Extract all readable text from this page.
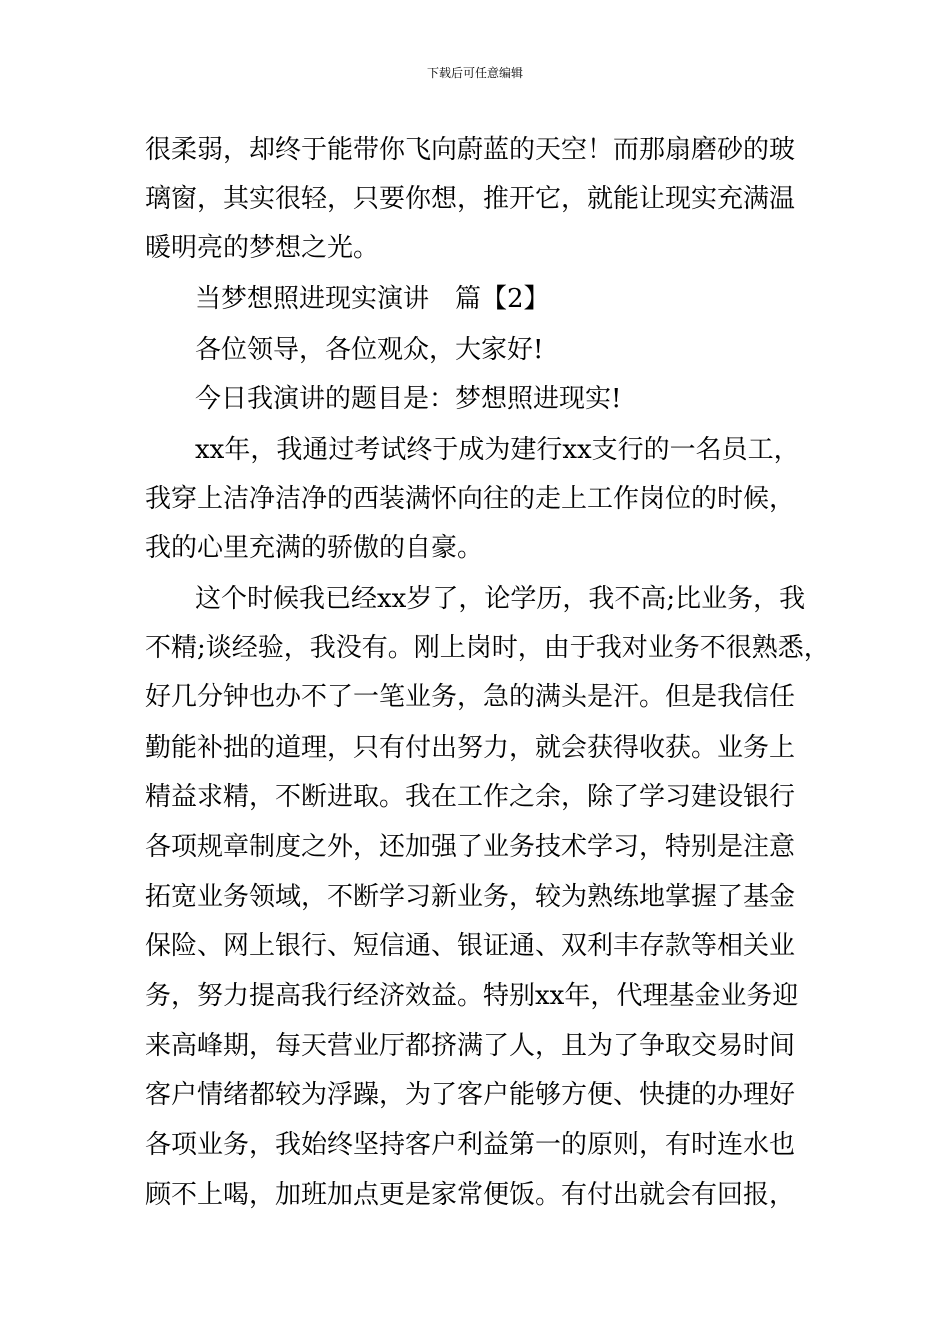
下载后可任意编辑
很柔弱，却终于能带你飞向蔚蓝的天空！而那扇磨砂的玻
璃窗，其实很轻，只要你想，推开它，就能让现实充满温
暖明亮的梦想之光。
当梦想照进现实演讲　篇【2】
各位领导，各位观众，大家好!
今日我演讲的题目是：梦想照进现实!
xx年，我通过考试终于成为建行xx支行的一名员工，
我穿上洁净洁净的西装满怀向往的走上工作岗位的时候，
我的心里充满的骄傲的自豪。
这个时候我已经xx岁了，论学历，我不高;比业务，我
不精;谈经验，我没有。刚上岗时，由于我对业务不很熟悉，
好几分钟也办不了一笔业务，急的满头是汗。但是我信任
勤能补拙的道理，只有付出努力，就会获得收获。业务上
精益求精，不断进取。我在工作之余，除了学习建设银行
各项规章制度之外，还加强了业务技术学习，特别是注意
拓宽业务领域，不断学习新业务，较为熟练地掌握了基金
保险、网上银行、短信通、银证通、双利丰存款等相关业
务，努力提高我行经济效益。特别xx年，代理基金业务迎
来高峰期，每天营业厅都挤满了人，且为了争取交易时间
客户情绪都较为浮躁，为了客户能够方便、快捷的办理好
各项业务，我始终坚持客户利益第一的原则，有时连水也
顾不上喝，加班加点更是家常便饭。有付出就会有回报，
